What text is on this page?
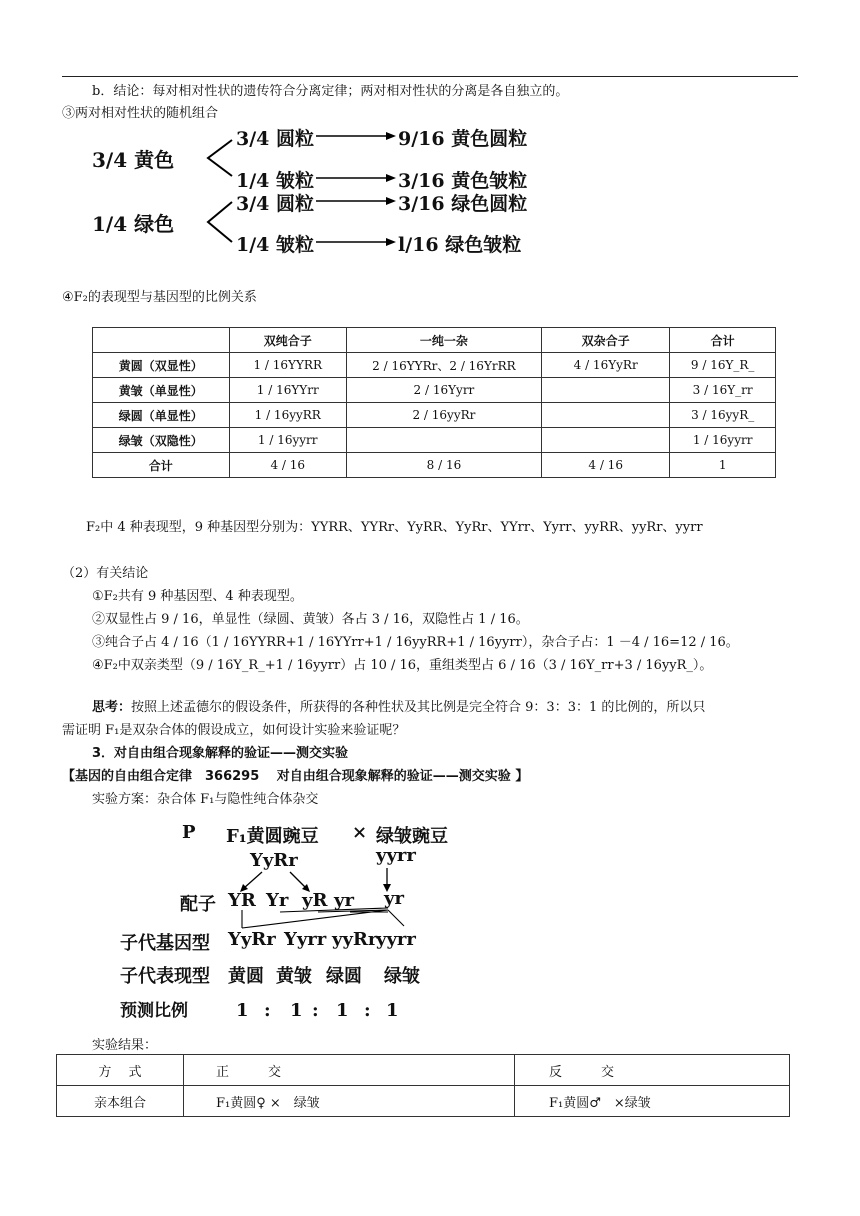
b．结论：每对相对性状的遗传符合分离定律；两对相对性状的分离是各自独立的。
③两对相对性状的随机组合
3/4 黄色
1/4 绿色
3/4 圆粒	9/16 黄色圆粒
1/4 皱粒	3/16 黄色皱粒
3/4 圆粒	3/16 绿色圆粒
1/4 皱粒	l/16 绿色皱粒
④F₂的表现型与基因型的比例关系
	双纯合子	一纯一杂	双杂合子	合计
黄圆（双显性）	1 / 16YYRR	2 / 16YYRr、2 / 16YrRR	4 / 16YyRr	9 / 16Y_R_
黄皱（单显性）	1 / 16YYrr	2 / 16Yyrr		3 / 16Y_rr
绿圆（单显性）	1 / 16yyRR	2 / 16yyRr		3 / 16yyR_
绿皱（双隐性）	1 / 16yyrr			1 / 16yyrr
合计	4 / 16	8 / 16	4 / 16	1
F₂中 4 种表现型，9 种基因型分别为：YYRR、YYRr、YyRR、YyRr、YYrr、Yyrr、yyRR、yyRr、yyrr
（2）有关结论
①F₂共有 9 种基因型、4 种表现型。
②双显性占 9 / 16，单显性（绿圆、黄皱）各占 3 / 16，双隐性占 1 / 16。
③纯合子占 4 / 16（1 / 16YYRR+1 / 16YYrr+1 / 16yyRR+1 / 16yyrr），杂合子占：1 －4 / 16=12 / 16。
④F₂中双亲类型（9 / 16Y_R_+1 / 16yyrr）占 10 / 16，重组类型占 6 / 16（3 / 16Y_rr+3 / 16yyR_）。
思考：按照上述孟德尔的假设条件，所获得的各种性状及其比例是完全符合 9：3：3：1 的比例的，所以只
需证明 F₁是双杂合体的假设成立，如何设计实验来验证呢？
3．对自由组合现象解释的验证——测交实验
【基因的自由组合定律　366295　 对自由组合现象解释的验证——测交实验 】
实验方案：杂合体 F₁与隐性纯合体杂交
P F₁黄圆豌豆 × 绿皱豌豆
YyRr	yyrr
配子 YR Yr yR yr yr
子代基因型 YyRr Yyrr yyRr
yyrr
子代表现型 黄圆 黄皱 绿圆 绿皱
预测比例	1 : 1 : 1 : 1
实验结果：
方　 式	正　　　交	反　　　交
亲本组合	F₁黄圆♀ ×　绿皱	F₁黄圆♂　×绿皱
